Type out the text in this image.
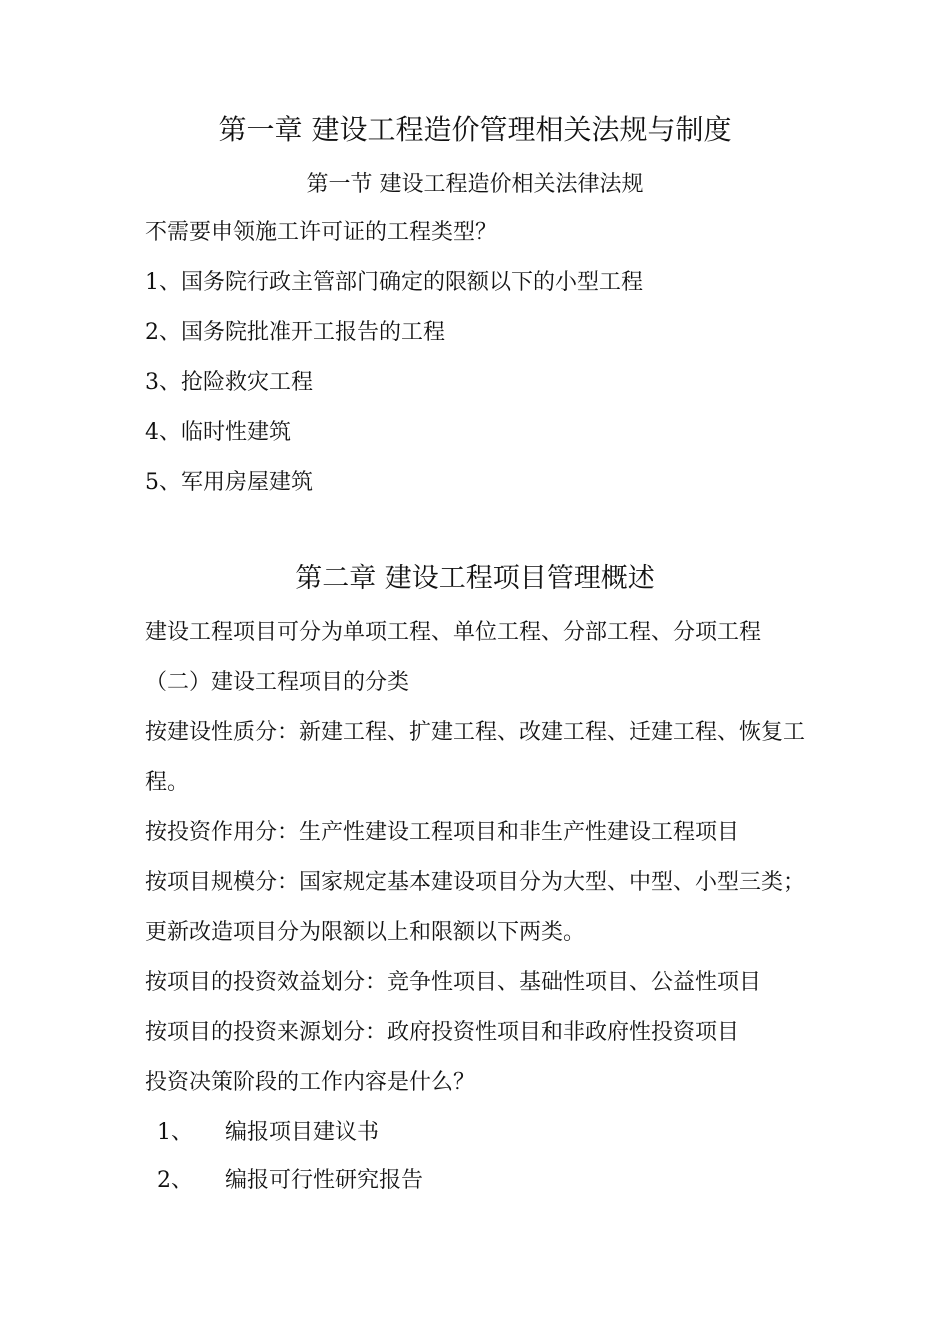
第一章 建设工程造价管理相关法规与制度
第一节 建设工程造价相关法律法规
不需要申领施工许可证的工程类型？
1、国务院行政主管部门确定的限额以下的小型工程
2、国务院批准开工报告的工程
3、抢险救灾工程
4、临时性建筑
5、军用房屋建筑
第二章 建设工程项目管理概述
建设工程项目可分为单项工程、单位工程、分部工程、分项工程
（二）建设工程项目的分类
按建设性质分：新建工程、扩建工程、改建工程、迁建工程、恢复工
程。
按投资作用分：生产性建设工程项目和非生产性建设工程项目
按项目规模分：国家规定基本建设项目分为大型、中型、小型三类；
更新改造项目分为限额以上和限额以下两类。
按项目的投资效益划分：竞争性项目、基础性项目、公益性项目
按项目的投资来源划分：政府投资性项目和非政府性投资项目
投资决策阶段的工作内容是什么？
1、 编报项目建议书
2、 编报可行性研究报告
